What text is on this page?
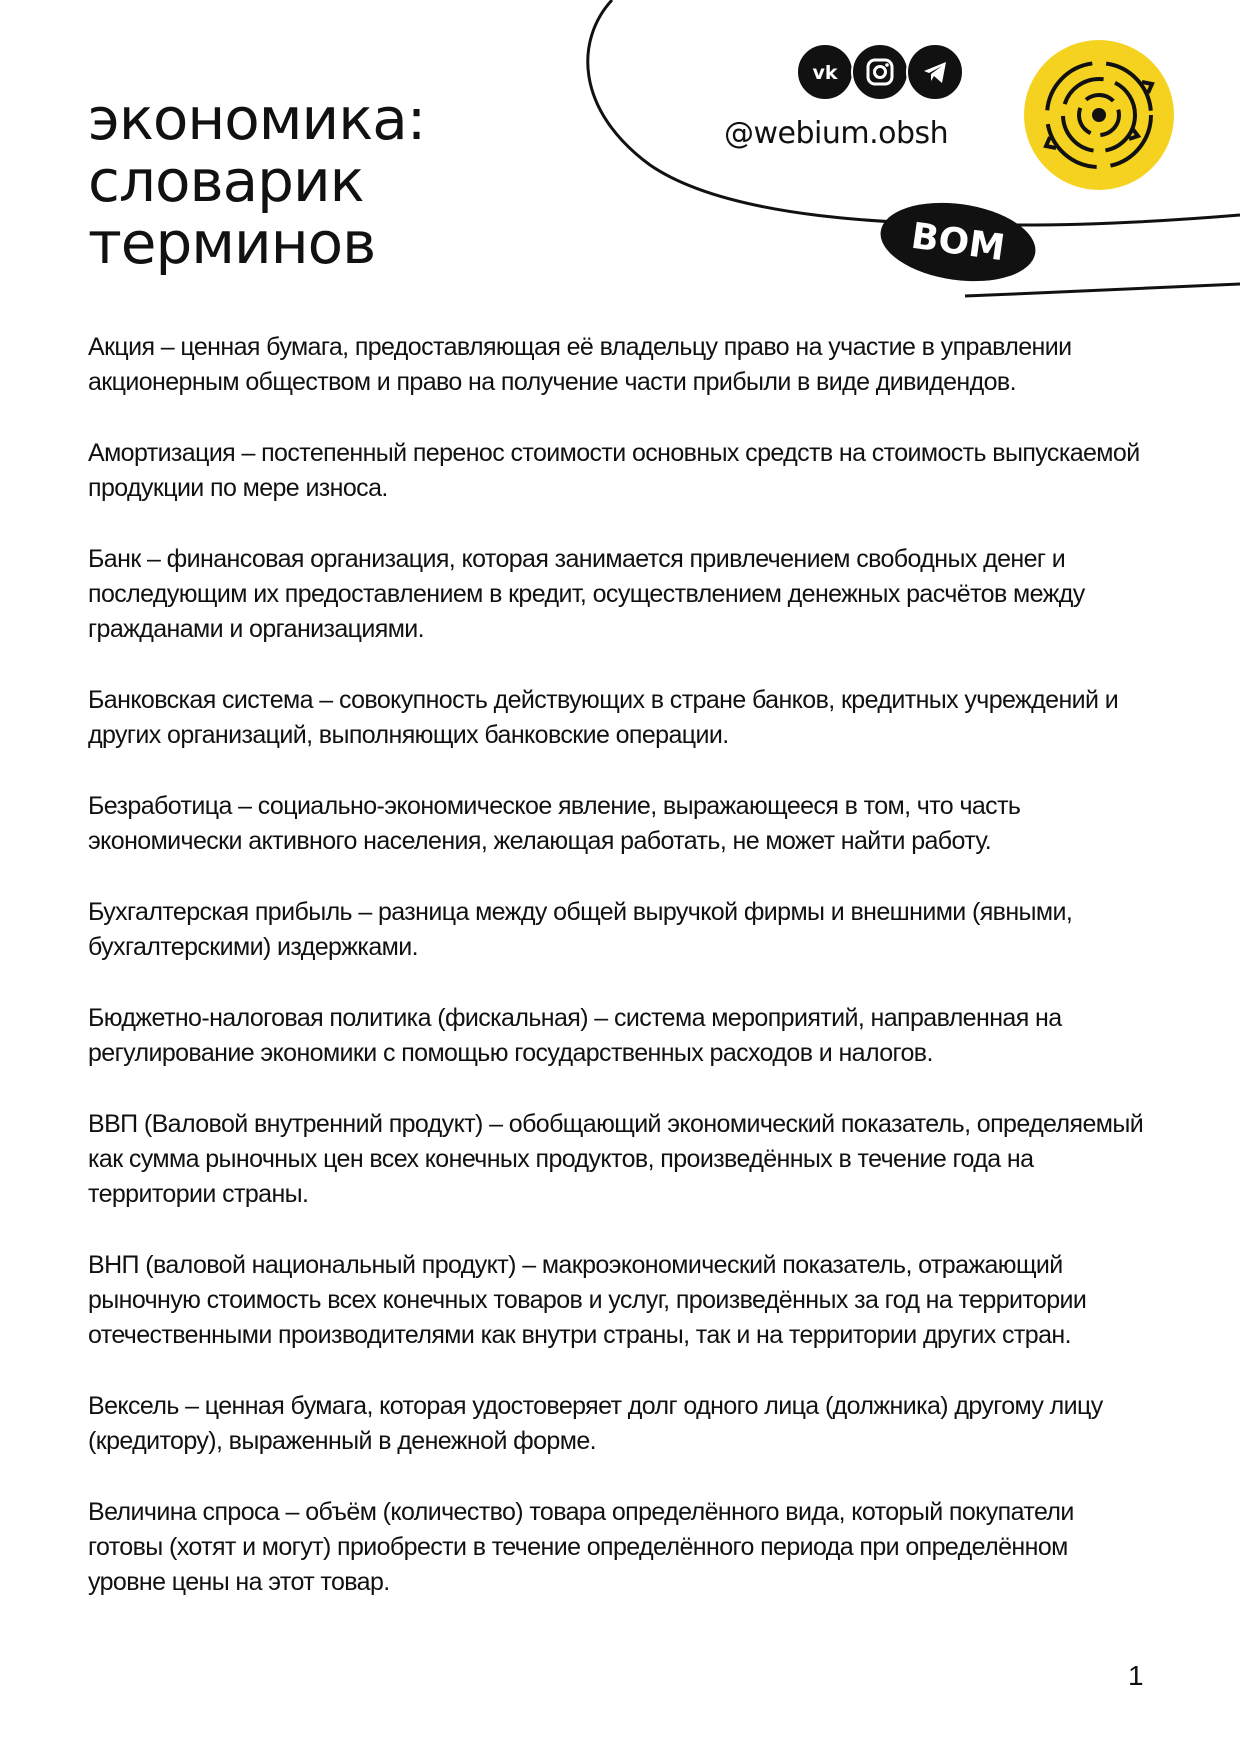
экономика:
словарик
терминов
vk
@webium.obsh
ВОМ

Акция – ценная бумага, предоставляющая её владельцу право на участие в управлении акционерным обществом и право на получение части прибыли в виде дивидендов.

Амортизация – постепенный перенос стоимости основных средств на стоимость выпускаемой продукции по мере износа.

Банк – финансовая организация, которая занимается привлечением свободных денег и последующим их предоставлением в кредит, осуществлением денежных расчётов между гражданами и организациями.

Банковская система – совокупность действующих в стране банков, кредитных учреждений и других организаций, выполняющих банковские операции.

Безработица – социально-экономическое явление, выражающееся в том, что часть экономически активного населения, желающая работать, не может найти работу.

Бухгалтерская прибыль – разница между общей выручкой фирмы и внешними (явными, бухгалтерскими) издержками.

Бюджетно-налоговая политика (фискальная) – система мероприятий, направленная на регулирование экономики с помощью государственных расходов и налогов.

ВВП (Валовой внутренний продукт) – обобщающий экономический показатель, определяемый как сумма рыночных цен всех конечных продуктов, произведённых в течение года на территории страны.

ВНП (валовой национальный продукт) – макроэкономический показатель, отражающий рыночную стоимость всех конечных товаров и услуг, произведённых за год на территории отечественными производителями как внутри страны, так и на территории других стран.

Вексель – ценная бумага, которая удостоверяет долг одного лица (должника) другому лицу (кредитору), выраженный в денежной форме.

Величина спроса – объём (количество) товара определённого вида, который покупатели готовы (хотят и могут) приобрести в течение определённого периода при определённом уровне цены на этот товар.

1
